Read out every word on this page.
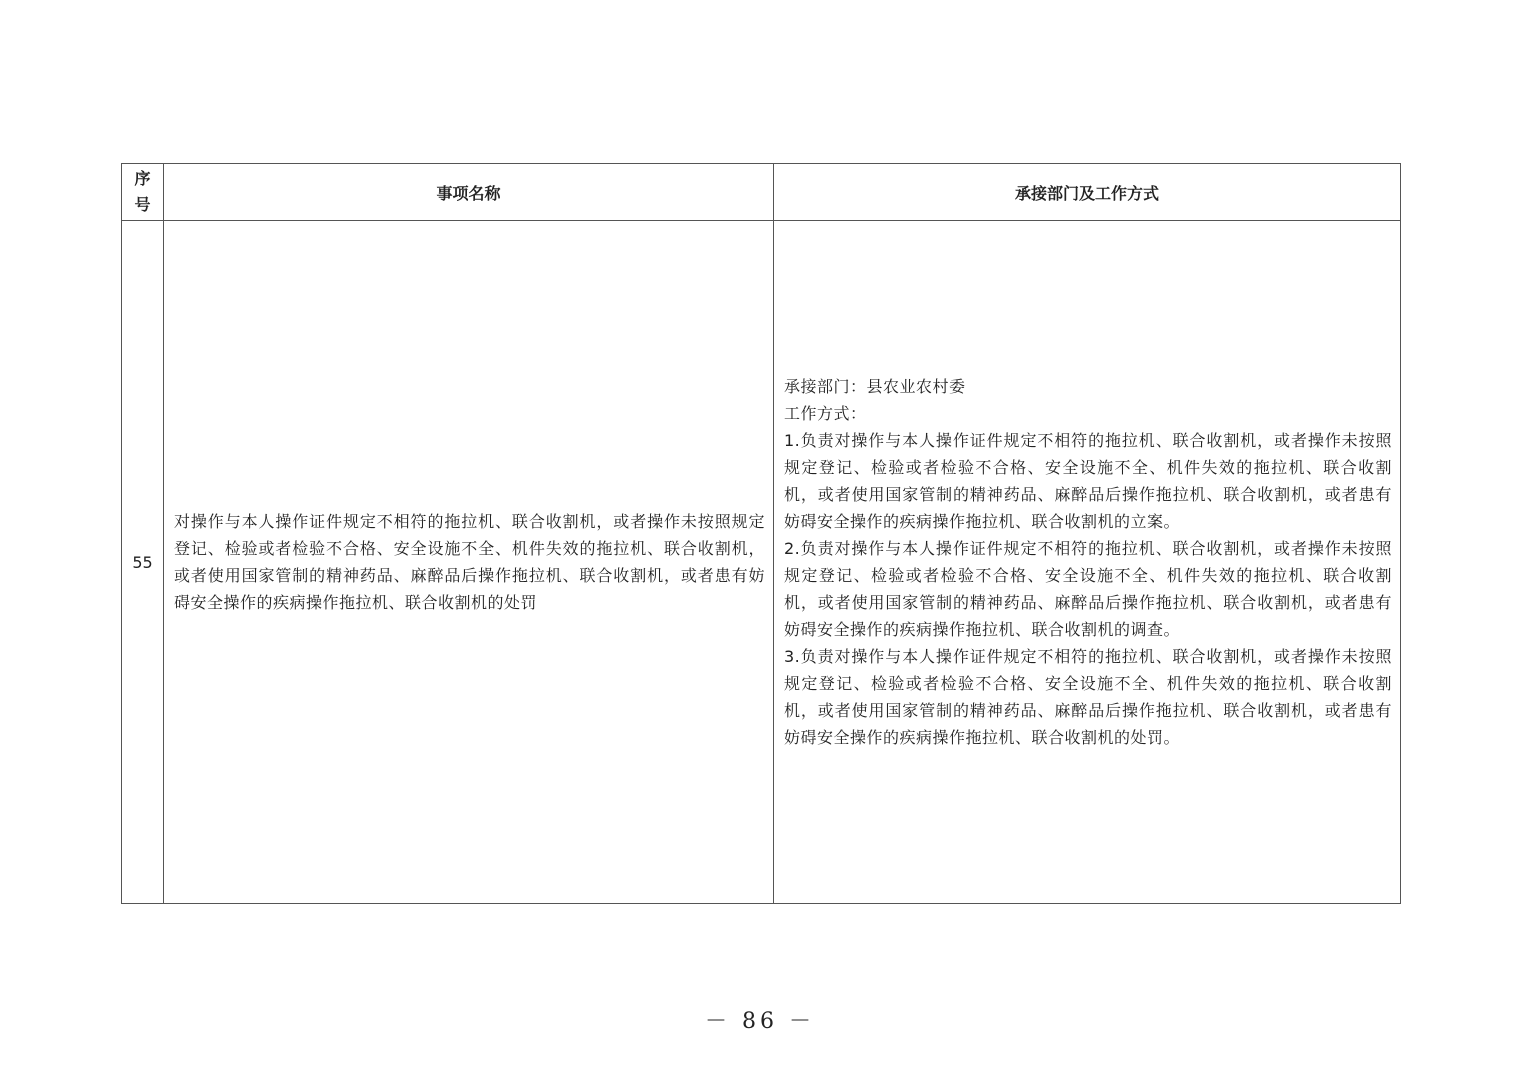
序
号	事项名称	承接部门及工作方式
55	对操作与本人操作证件规定不相符的拖拉机、联合收割机，或者操作未按照规定登记、检验或者检验不合格、安全设施不全、机件失效的拖拉机、联合收割机，或者使用国家管制的精神药品、麻醉品后操作拖拉机、联合收割机，或者患有妨碍安全操作的疾病操作拖拉机、联合收割机的处罚	承接部门：县农业农村委

工作方式：

1.负责对操作与本人操作证件规定不相符的拖拉机、联合收割机，或者操作未按照规定登记、检验或者检验不合格、安全设施不全、机件失效的拖拉机、联合收割机，或者使用国家管制的精神药品、麻醉品后操作拖拉机、联合收割机，或者患有妨碍安全操作的疾病操作拖拉机、联合收割机的立案。

2.负责对操作与本人操作证件规定不相符的拖拉机、联合收割机，或者操作未按照规定登记、检验或者检验不合格、安全设施不全、机件失效的拖拉机、联合收割机，或者使用国家管制的精神药品、麻醉品后操作拖拉机、联合收割机，或者患有妨碍安全操作的疾病操作拖拉机、联合收割机的调查。

3.负责对操作与本人操作证件规定不相符的拖拉机、联合收割机，或者操作未按照规定登记、检验或者检验不合格、安全设施不全、机件失效的拖拉机、联合收割机，或者使用国家管制的精神药品、麻醉品后操作拖拉机、联合收割机，或者患有妨碍安全操作的疾病操作拖拉机、联合收割机的处罚。

－ 86 －
